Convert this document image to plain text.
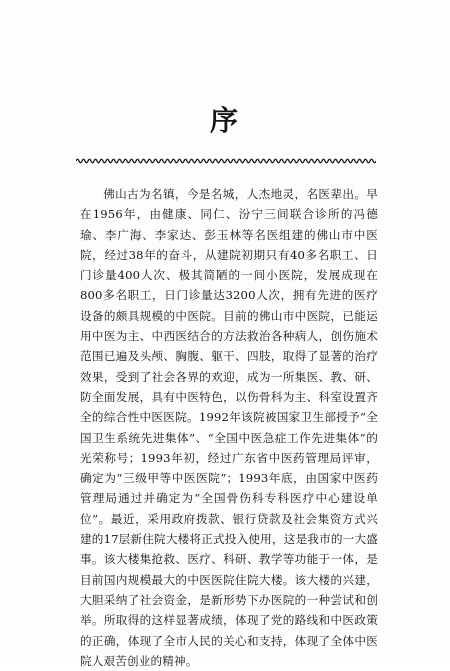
序

佛山古为名镇，今是名城，人杰地灵，名医辈出。早在1956年，由健康、同仁、汾宁三间联合诊所的冯德瑜、李广海、李家达、彭玉林等名医组建的佛山市中医院，经过38年的奋斗，从建院初期只有40多名职工、日门诊量400人次、极其简陋的一间小医院，发展成现在800多名职工，日门诊量达3200人次，拥有先进的医疗设备的颇具规模的中医院。目前的佛山市中医院，已能运用中医为主、中西医结合的方法救治各种病人，创伤施术范围已遍及头颅、胸腹、躯干、四肢，取得了显著的治疗效果，受到了社会各界的欢迎，成为一所集医、教、研、防全面发展，具有中医特色，以伤骨科为主、科室设置齐全的综合性中医医院。1992年该院被国家卫生部授予“全国卫生系统先进集体”、“全国中医急症工作先进集体”的光荣称号；1993年初，经过广东省中医药管理局评审，确定为“三级甲等中医医院”；1993年底，由国家中医药管理局通过并确定为“全国骨伤科专科医疗中心建设单位”。最近，采用政府拨款、银行贷款及社会集资方式兴建的17层新住院大楼将正式投入使用，这是我市的一大盛事。该大楼集抢救、医疗、科研、教学等功能于一体，是目前国内规模最大的中医医院住院大楼。该大楼的兴建，大胆采纳了社会资金，是新形势下办医院的一种尝试和创举。所取得的这样显著成绩，体现了党的路线和中医政策的正确，体现了全市人民的关心和支持，体现了全体中医院人艰苦创业的精神。
